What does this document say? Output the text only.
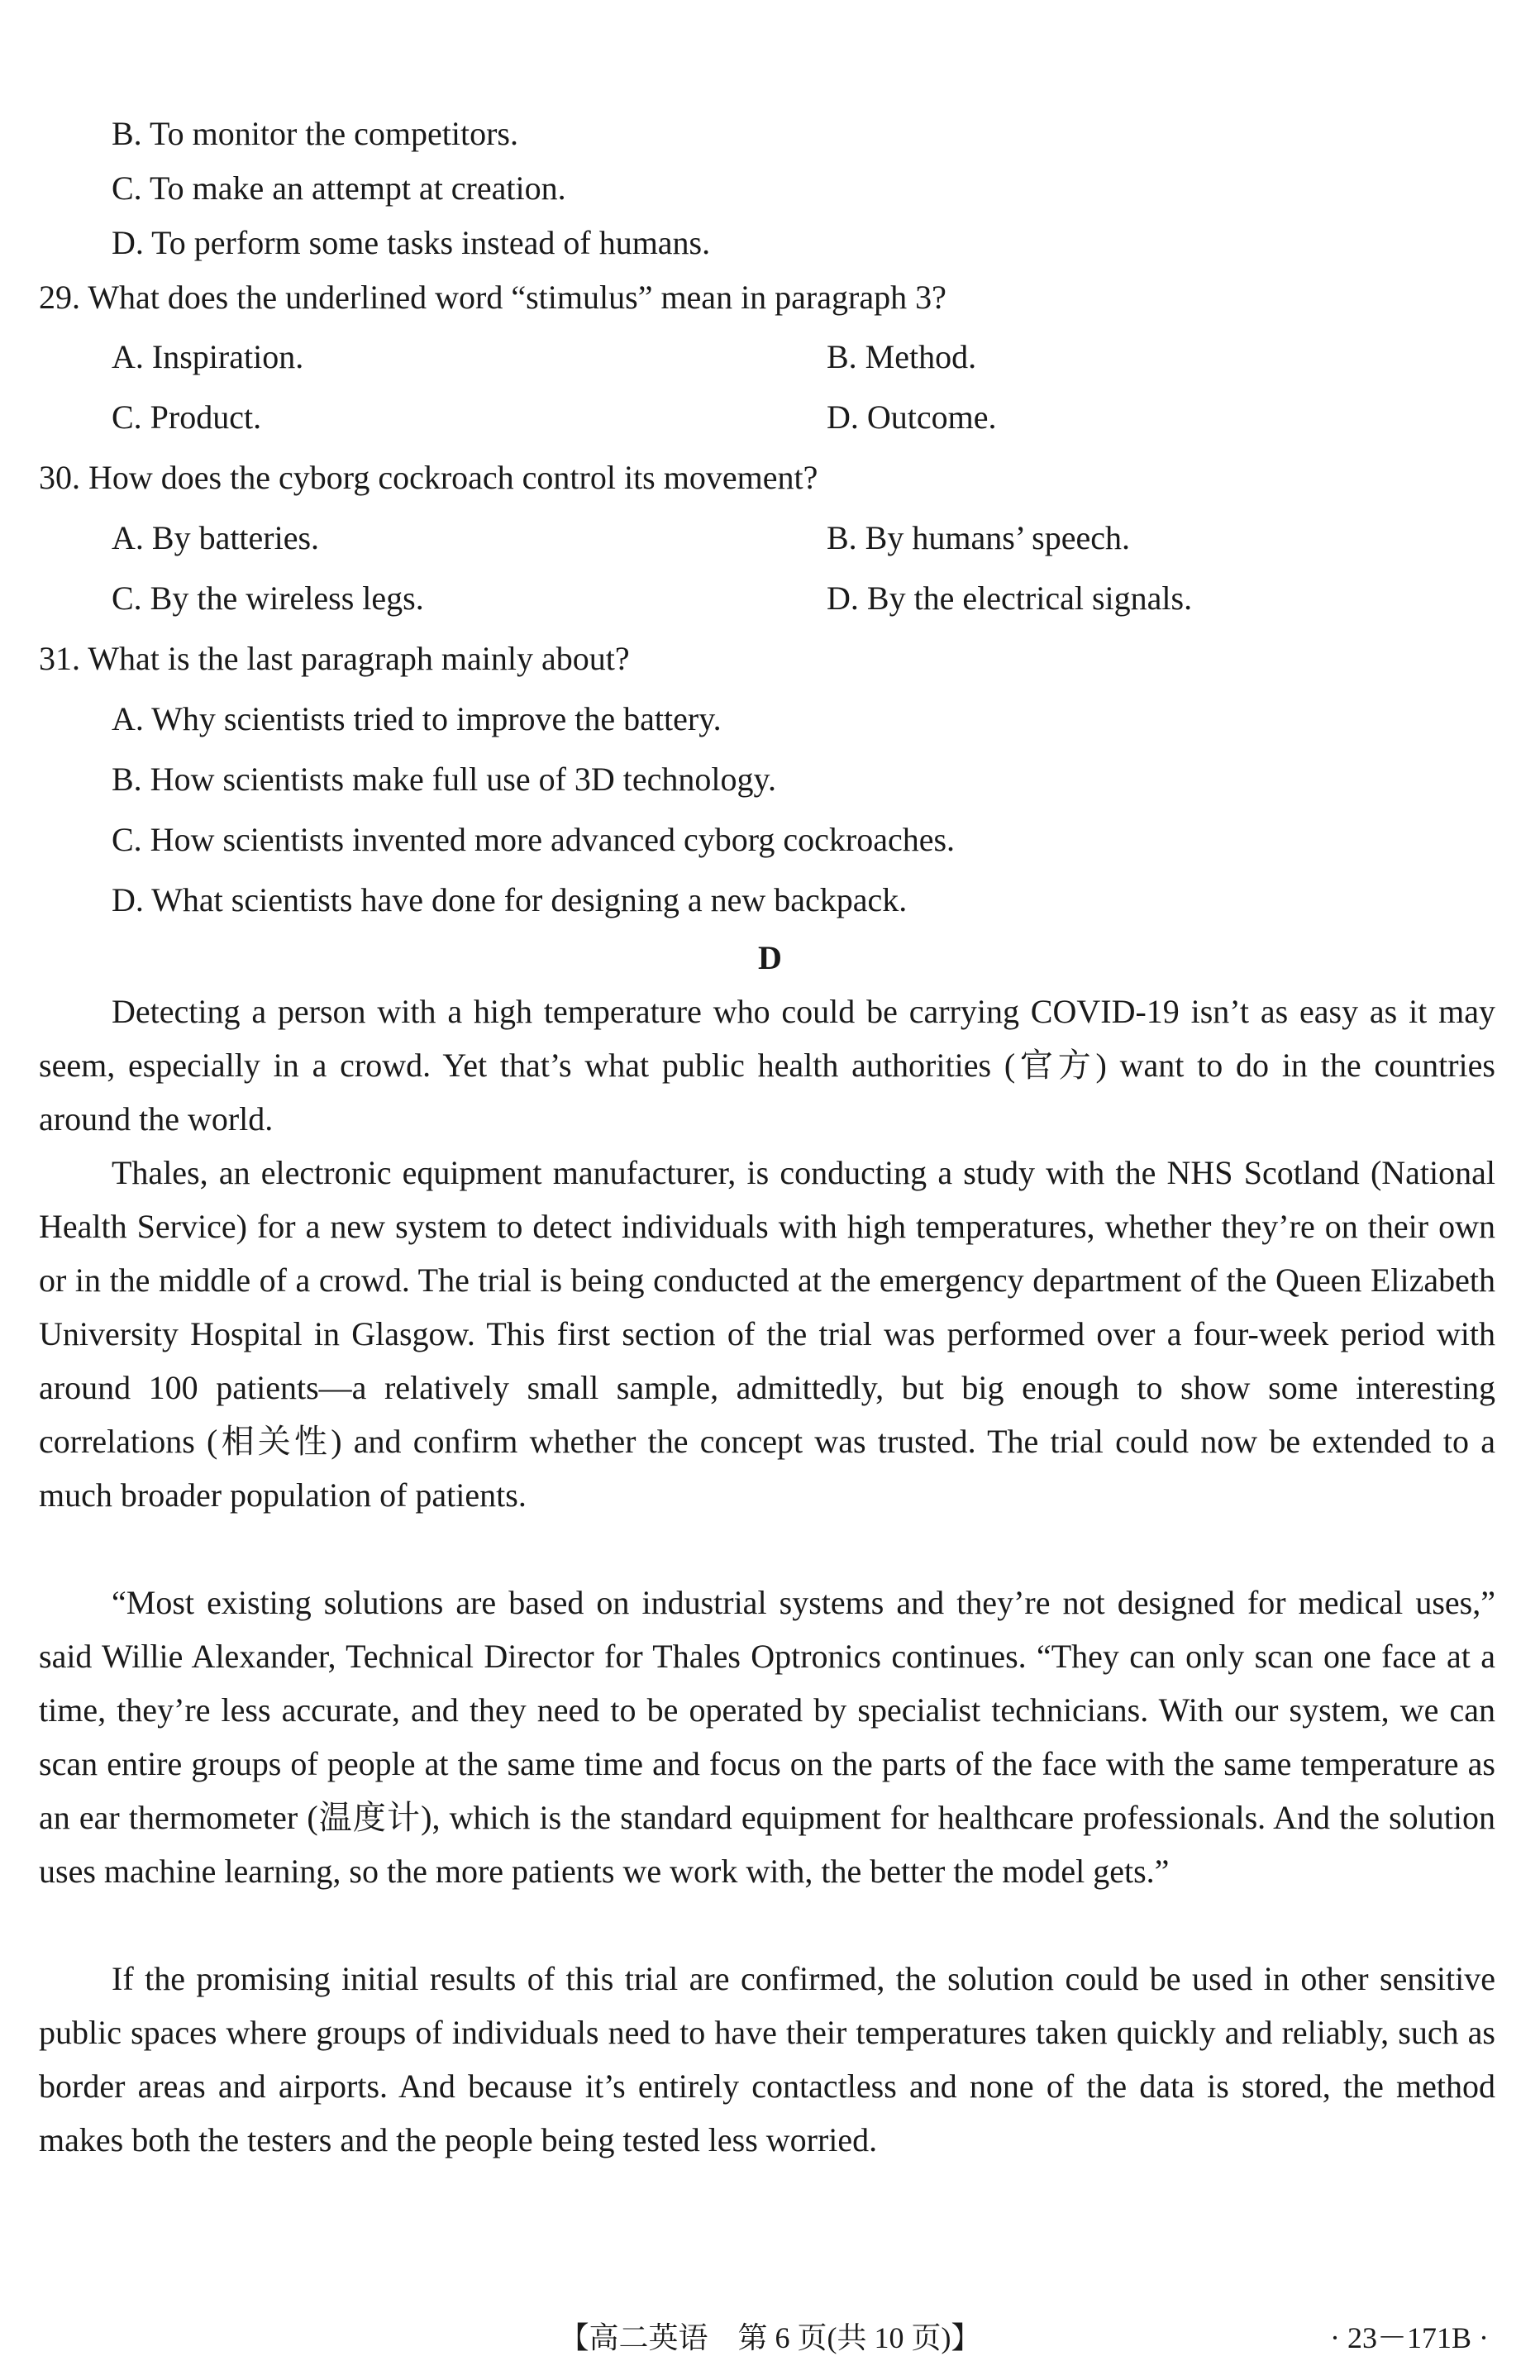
B. To monitor the competitors.
C. To make an attempt at creation.
D. To perform some tasks instead of humans.
29. What does the underlined word “stimulus” mean in paragraph 3?
A. Inspiration.	B. Method.
C. Product.	D. Outcome.
30. How does the cyborg cockroach control its movement?
A. By batteries.	B. By humans’ speech.
C. By the wireless legs.	D. By the electrical signals.
31. What is the last paragraph mainly about?
A. Why scientists tried to improve the battery.
B. How scientists make full use of 3D technology.
C. How scientists invented more advanced cyborg cockroaches.
D. What scientists have done for designing a new backpack.
D
Detecting a person with a high temperature who could be carrying COVID-19 isn’t as easy as it may seem, especially in a crowd. Yet that’s what public health authorities (官方) want to do in the countries around the world.
Thales, an electronic equipment manufacturer, is conducting a study with the NHS Scotland (National Health Service) for a new system to detect individuals with high temperatures, whether they’re on their own or in the middle of a crowd. The trial is being conducted at the emergency department of the Queen Elizabeth University Hospital in Glasgow. This first section of the trial was performed over a four-week period with around 100 patients—a relatively small sample, admittedly, but big enough to show some interesting correlations (相关性) and confirm whether the concept was trusted. The trial could now be extended to a much broader population of patients.
“Most existing solutions are based on industrial systems and they’re not designed for medical uses,” said Willie Alexander, Technical Director for Thales Optronics continues. “They can only scan one face at a time, they’re less accurate, and they need to be operated by specialist technicians. With our system, we can scan entire groups of people at the same time and focus on the parts of the face with the same temperature as an ear thermometer (温度计), which is the standard equipment for healthcare professionals. And the solution uses machine learning, so the more patients we work with, the better the model gets.”
If the promising initial results of this trial are confirmed, the solution could be used in other sensitive public spaces where groups of individuals need to have their temperatures taken quickly and reliably, such as border areas and airports. And because it’s entirely contactless and none of the data is stored, the method makes both the testers and the people being tested less worried.
【高二英语　第 6 页(共 10 页)】	· 23－171B ·
